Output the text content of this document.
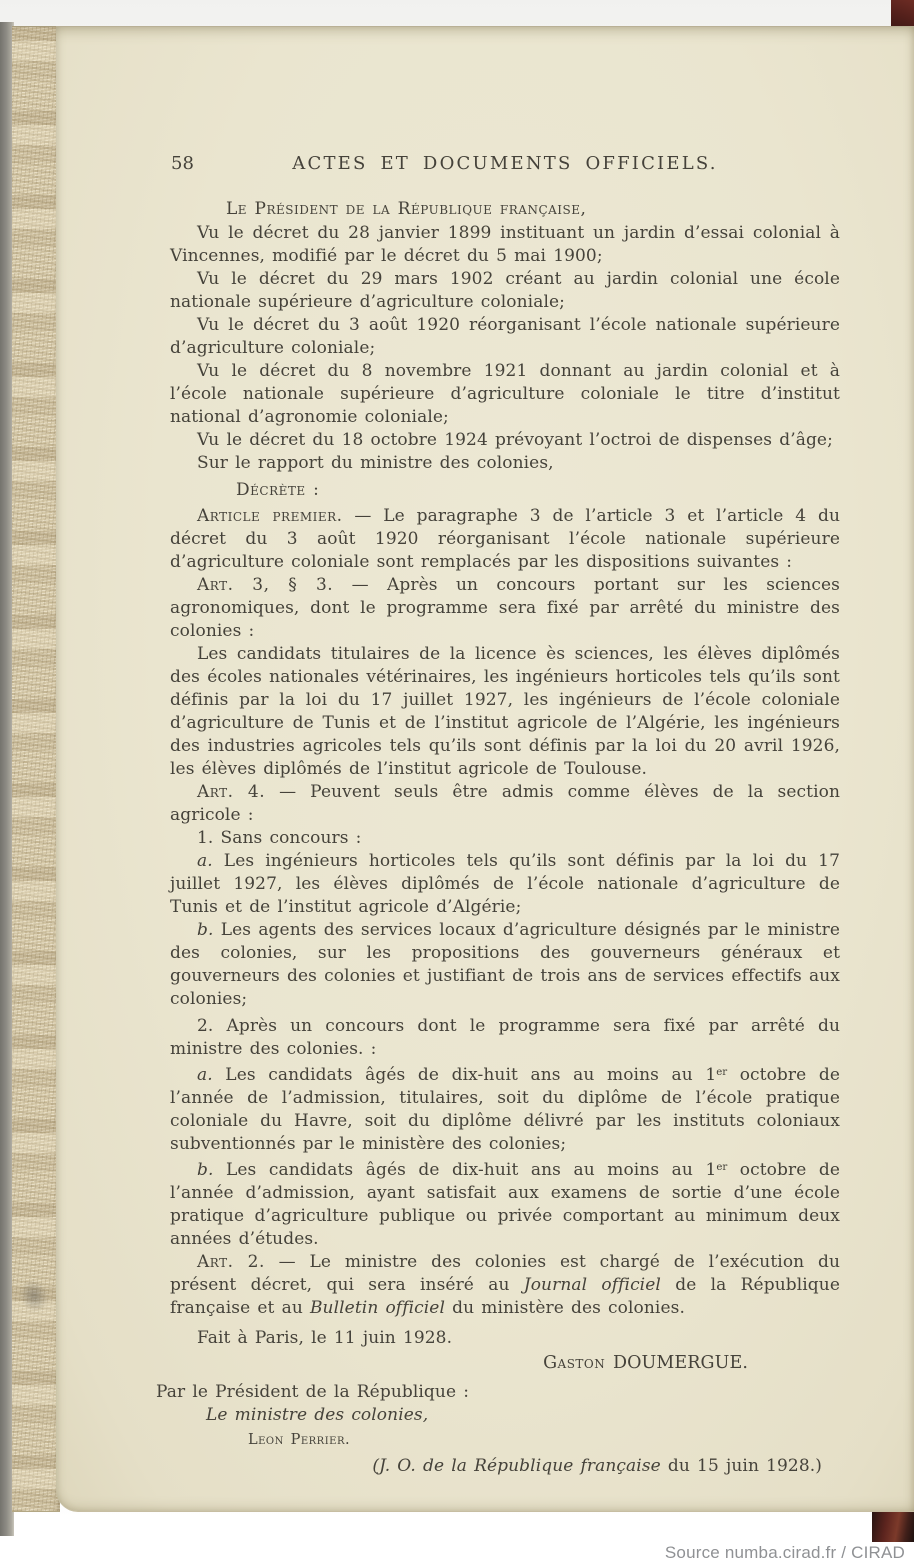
58	ACTES ET DOCUMENTS OFFICIELS.

Le Président de la République française,

Vu le décret du 28 janvier 1899 instituant un jardin d’essai colonial à Vincennes, modifié par le décret du 5 mai 1900;

Vu le décret du 29 mars 1902 créant au jardin colonial une école nationale supérieure d’agriculture coloniale;

Vu le décret du 3 août 1920 réorganisant l’école nationale supérieure d’agriculture coloniale;

Vu le décret du 8 novembre 1921 donnant au jardin colonial et à l’école nationale supérieure d’agriculture coloniale le titre d’institut national d’agronomie coloniale;

Vu le décret du 18 octobre 1924 prévoyant l’octroi de dispenses d’âge;

Sur le rapport du ministre des colonies,

Décrète :

Article premier. — Le paragraphe 3 de l’article 3 et l’article 4 du décret du 3 août 1920 réorganisant l’école nationale supérieure d’agriculture coloniale sont remplacés par les dispositions suivantes :

Art. 3, § 3. — Après un concours portant sur les sciences agronomiques, dont le programme sera fixé par arrêté du ministre des colonies :

Les candidats titulaires de la licence ès sciences, les élèves diplômés des écoles nationales vétérinaires, les ingénieurs horticoles tels qu’ils sont définis par la loi du 17 juillet 1927, les ingénieurs de l’école coloniale d’agriculture de Tunis et de l’institut agricole de l’Algérie, les ingénieurs des industries agricoles tels qu’ils sont définis par la loi du 20 avril 1926, les élèves diplômés de l’institut agricole de Toulouse.

Art. 4. — Peuvent seuls être admis comme élèves de la section agricole :

1. Sans concours :

a. Les ingénieurs horticoles tels qu’ils sont définis par la loi du 17 juillet 1927, les élèves diplômés de l’école nationale d’agriculture de Tunis et de l’institut agricole d’Algérie;

b. Les agents des services locaux d’agriculture désignés par le ministre des colonies, sur les propositions des gouverneurs généraux et gouverneurs des colonies et justifiant de trois ans de services effectifs aux colonies;

2. Après un concours dont le programme sera fixé par arrêté du ministre des colonies. :

a. Les candidats âgés de dix-huit ans au moins au 1er octobre de l’année de l’admission, titulaires, soit du diplôme de l’école pratique coloniale du Havre, soit du diplôme délivré par les instituts coloniaux subventionnés par le ministère des colonies;

b. Les candidats âgés de dix-huit ans au moins au 1er octobre de l’année d’admission, ayant satisfait aux examens de sortie d’une école pratique d’agriculture publique ou privée comportant au minimum deux années d’études.

Art. 2. — Le ministre des colonies est chargé de l’exécution du présent décret, qui sera inséré au Journal officiel de la République française et au Bulletin officiel du ministère des colonies.

Fait à Paris, le 11 juin 1928.

Gaston DOUMERGUE.

Par le Président de la République :

Le ministre des colonies,

Leon Perrier.

(J. O. de la République française du 15 juin 1928.)

Source numba.cirad.fr / CIRAD
